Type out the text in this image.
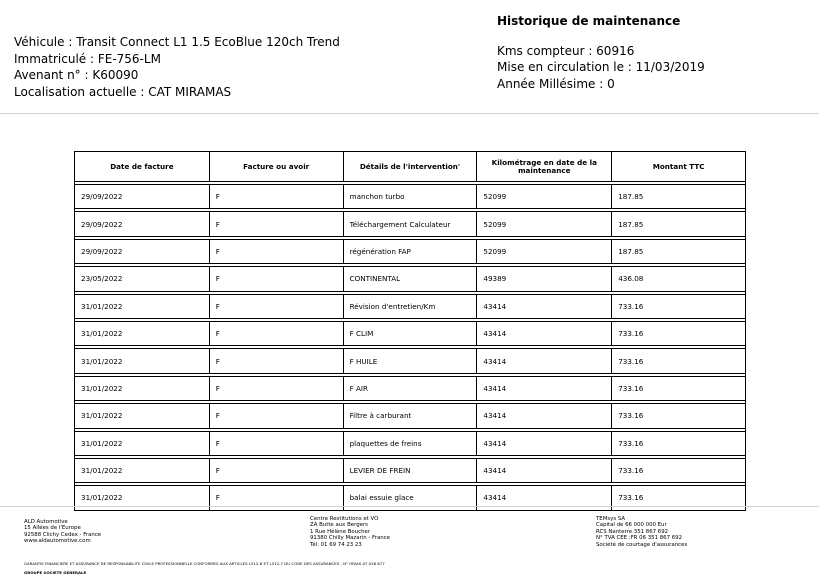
Véhicule : Transit Connect L1 1.5 EcoBlue 120ch Trend
Immatriculé : FE-756-LM
Avenant n° : K60090
Localisation actuelle : CAT MIRAMAS
Historique de maintenance
Kms compteur : 60916
Mise en circulation le : 11/03/2019
Année Millésime : 0
Date de facture	Facture ou avoir	Détails de l'intervention'	Kilométrage en date de la maintenance	Montant TTC

29/09/2022	F	manchon turbo	52099	187.85

29/09/2022	F	Téléchargement Calculateur	52099	187.85

29/09/2022	F	régénération FAP	52099	187.85

23/05/2022	F	CONTINENTAL	49389	436.08

31/01/2022	F	Révision d'entretien/Km	43414	733.16

31/01/2022	F	F CLIM	43414	733.16

31/01/2022	F	F HUILE	43414	733.16

31/01/2022	F	F AIR	43414	733.16

31/01/2022	F	Filtre à carburant	43414	733.16

31/01/2022	F	plaquettes de freins	43414	733.16

31/01/2022	F	LEVIER DE FREIN	43414	733.16

31/01/2022	F	balai essuie glace	43414	733.16
ALD Automotive
15 Allées de l'Europe
92588 Clichy Cedex - France
www.aldautomotive.com
Centre Restitutions et VO
ZA Butte aux Bergers
1 Rue Hélène Boucher
91380 Chilly Mazarin - France
Tél. 01 69 74 23 23
TEMsys SA
Capital de 66 000 000 Eur
RCS Nanterre 351 867 692
N° TVA CEE :FR 06 351 867 692
Société de courtage d'assurances
GARANTIE FINANCIERE ET ASSURANCE DE RESPONSABILITE CIVILE PROFESSIONNELLE CONFORMES AUX ARTICLES L512-6 ET L512-7 DU CODE DES ASSURANCES - N° ORIAS 07 026 677
GROUPE SOCIETE GENERALE
